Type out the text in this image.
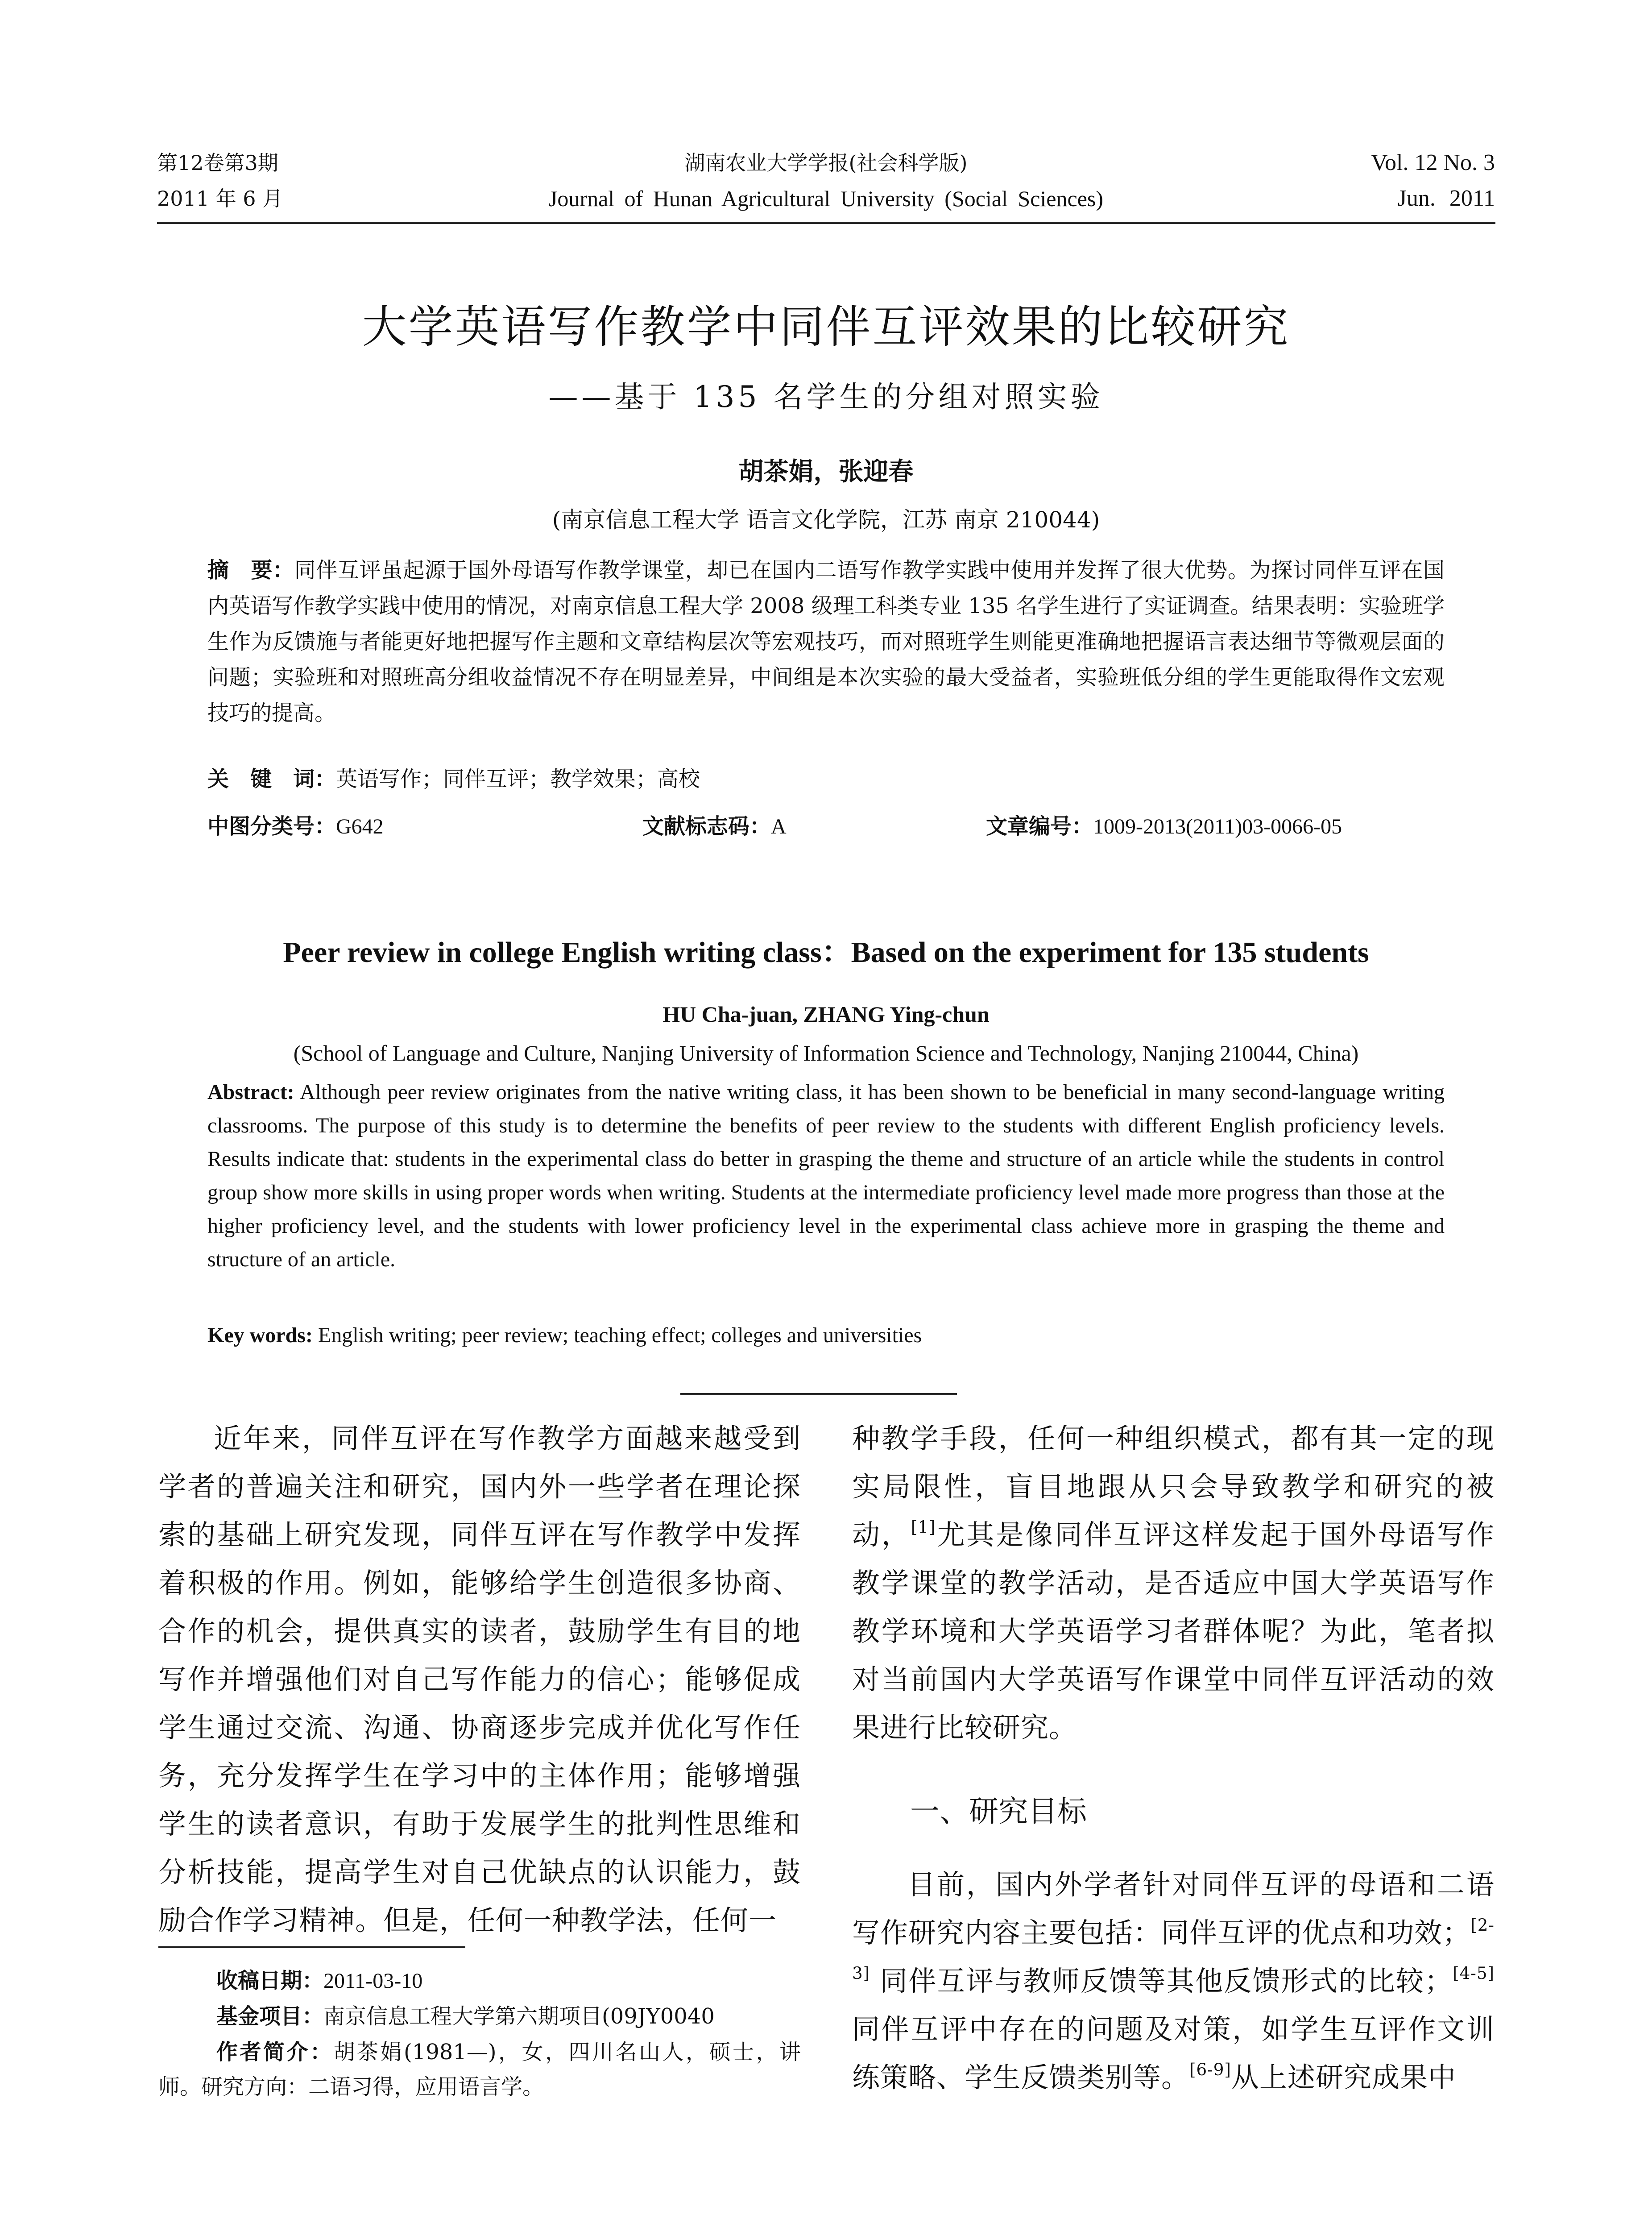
第12卷第3期
2011 年 6 月
湖南农业大学学报(社会科学版)
Journal of Hunan Agricultural University (Social Sciences)
Vol. 12 No. 3
Jun. 2011
大学英语写作教学中同伴互评效果的比较研究
——基于 135 名学生的分组对照实验
胡茶娟，张迎春
(南京信息工程大学 语言文化学院，江苏 南京 210044)
摘　要：同伴互评虽起源于国外母语写作教学课堂，却已在国内二语写作教学实践中使用并发挥了很大优势。为探讨同伴互评在国内英语写作教学实践中使用的情况，对南京信息工程大学 2008 级理工科类专业 135 名学生进行了实证调查。结果表明：实验班学生作为反馈施与者能更好地把握写作主题和文章结构层次等宏观技巧，而对照班学生则能更准确地把握语言表达细节等微观层面的问题；实验班和对照班高分组收益情况不存在明显差异，中间组是本次实验的最大受益者，实验班低分组的学生更能取得作文宏观技巧的提高。
关　键　词：英语写作；同伴互评；教学效果；高校
中图分类号：G642	文献标志码：A	文章编号：1009-2013(2011)03-0066-05
Peer review in college English writing class：Based on the experiment for 135 students
HU Cha-juan, ZHANG Ying-chun
(School of Language and Culture, Nanjing University of Information Science and Technology, Nanjing 210044, China)
Abstract: Although peer review originates from the native writing class, it has been shown to be beneficial in many second-language writing classrooms. The purpose of this study is to determine the benefits of peer review to the students with different English proficiency levels. Results indicate that: students in the experimental class do better in grasping the theme and structure of an article while the students in control group show more skills in using proper words when writing. Students at the intermediate proficiency level made more progress than those at the higher proficiency level, and the students with lower proficiency level in the experimental class achieve more in grasping the theme and structure of an article.
Key words: English writing; peer review; teaching effect; colleges and universities

近年来，同伴互评在写作教学方面越来越受到学者的普遍关注和研究，国内外一些学者在理论探索的基础上研究发现，同伴互评在写作教学中发挥着积极的作用。例如，能够给学生创造很多协商、合作的机会，提供真实的读者，鼓励学生有目的地写作并增强他们对自己写作能力的信心；能够促成学生通过交流、沟通、协商逐步完成并优化写作任务，充分发挥学生在学习中的主体作用；能够增强学生的读者意识，有助于发展学生的批判性思维和分析技能，提高学生对自己优缺点的认识能力，鼓励合作学习精神。但是，任何一种教学法，任何一

收稿日期：2011-03-10
基金项目：南京信息工程大学第六期项目(09JY0040
作者简介：胡茶娟(1981—)，女，四川名山人，硕士，讲师。研究方向：二语习得，应用语言学。

种教学手段，任何一种组织模式，都有其一定的现实局限性，盲目地跟从只会导致教学和研究的被动，[1]尤其是像同伴互评这样发起于国外母语写作教学课堂的教学活动，是否适应中国大学英语写作教学环境和大学英语学习者群体呢？为此，笔者拟对当前国内大学英语写作课堂中同伴互评活动的效果进行比较研究。

一、研究目标

目前，国内外学者针对同伴互评的母语和二语写作研究内容主要包括：同伴互评的优点和功效；[2-3] 同伴互评与教师反馈等其他反馈形式的比较；[4-5]同伴互评中存在的问题及对策，如学生互评作文训练策略、学生反馈类别等。[6-9]从上述研究成果中
